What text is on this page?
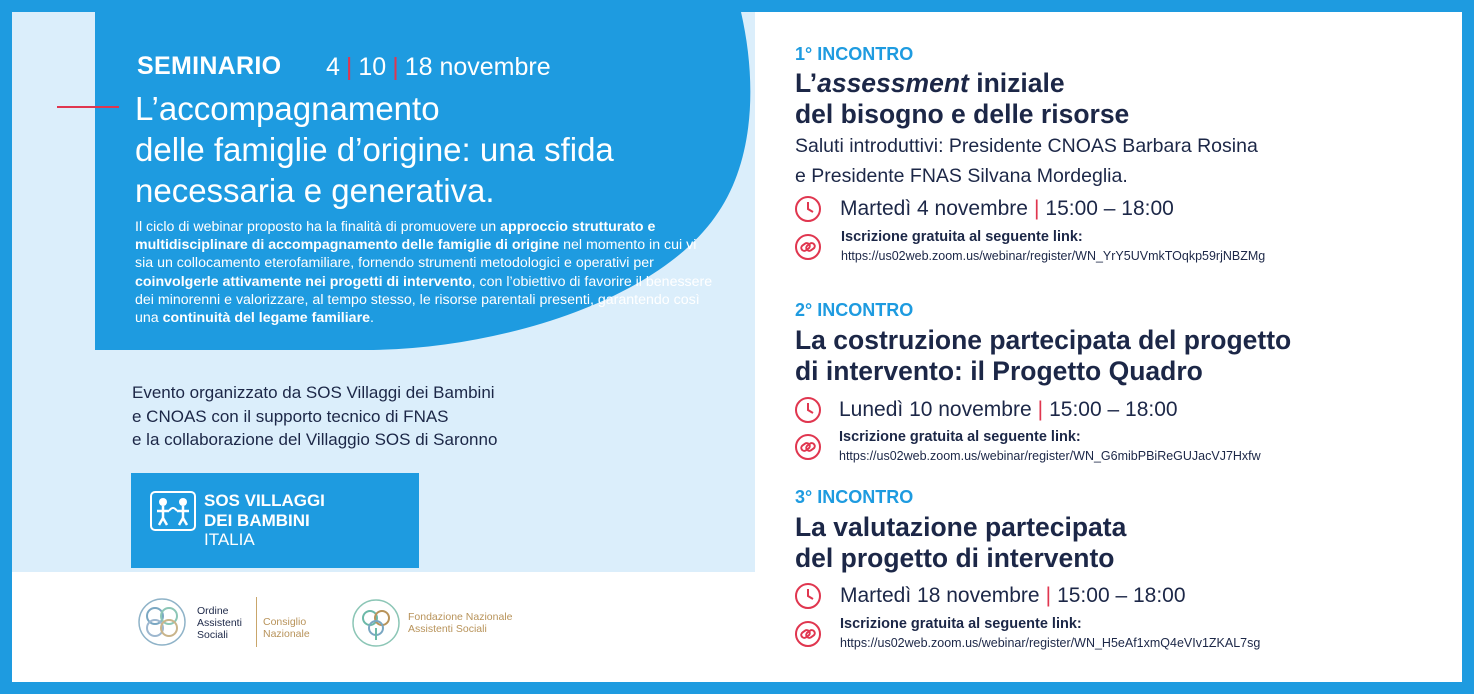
SEMINARIO 4 | 10 | 18 novembre
L’accompagnamento
delle famiglie d’origine: una sfida
necessaria e generativa.
Il ciclo di webinar proposto ha la finalità di promuovere un approccio strutturato e multidisciplinare di accompagnamento delle famiglie di origine nel momento in cui vi sia un collocamento eterofamiliare, fornendo strumenti metodologici e operativi per coinvolgerle attivamente nei progetti di intervento, con l’obiettivo di favorire il benessere dei minorenni e valorizzare, al tempo stesso, le risorse parentali presenti, garantendo così una continuità del legame familiare.
Evento organizzato da SOS Villaggi dei Bambini
e CNOAS con il supporto tecnico di FNAS
e la collaborazione del Villaggio SOS di Saronno
SOS VILLAGGI
DEI BAMBINI
ITALIA
Ordine
Assistenti
Sociali
Consiglio
Nazionale
Fondazione Nazionale
Assistenti Sociali
1° INCONTRO
L’assessment iniziale
del bisogno e delle risorse
Saluti introduttivi: Presidente CNOAS Barbara Rosina
e Presidente FNAS Silvana Mordeglia.
Martedì 4 novembre | 15:00 – 18:00
Iscrizione gratuita al seguente link:
https://us02web.zoom.us/webinar/register/WN_YrY5UVmkTOqkp59rjNBZMg
2° INCONTRO
La costruzione partecipata del progetto
di intervento: il Progetto Quadro
Lunedì 10 novembre | 15:00 – 18:00
Iscrizione gratuita al seguente link:
https://us02web.zoom.us/webinar/register/WN_G6mibPBiReGUJacVJ7Hxfw
3° INCONTRO
La valutazione partecipata
del progetto di intervento
Martedì 18 novembre | 15:00 – 18:00
Iscrizione gratuita al seguente link:
https://us02web.zoom.us/webinar/register/WN_H5eAf1xmQ4eVIv1ZKAL7sg
